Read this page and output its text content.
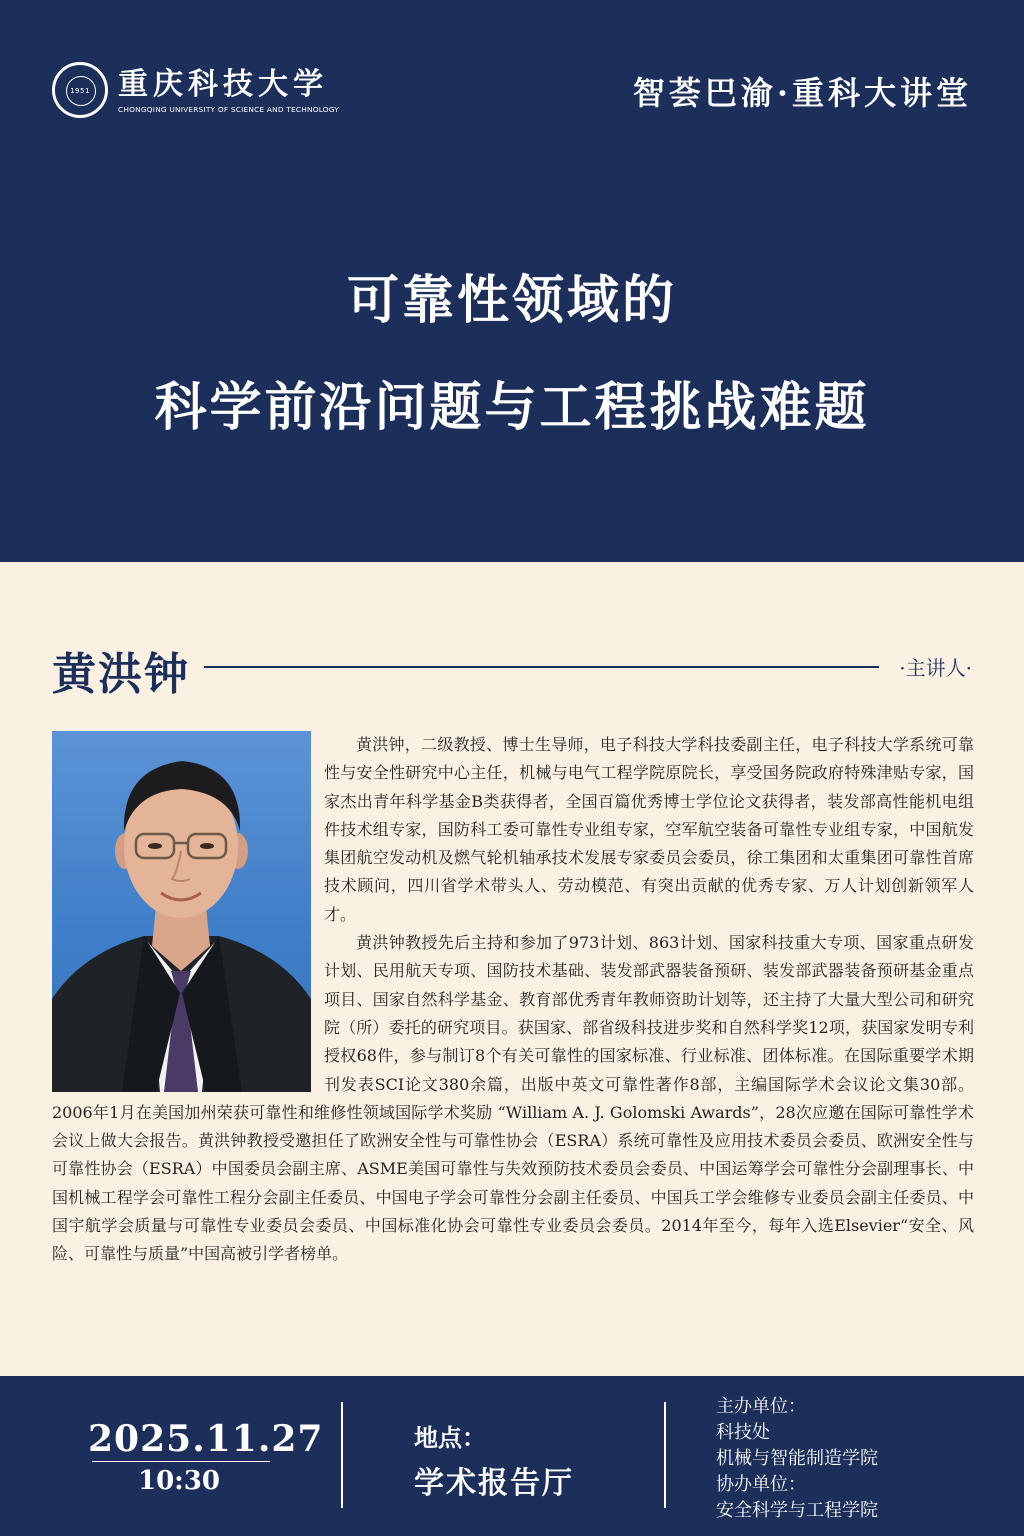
1951 重庆科技大学
CHONGQING UNIVERSITY OF SCIENCE AND TECHNOLOGY	智荟巴渝·重科大讲堂
可靠性领域的
科学前沿问题与工程挑战难题
黄洪钟	·主讲人·

黄洪钟，二级教授、博士生导师，电子科技大学科技委副主任，电子科技大学系统可靠性与安全性研究中心主任，机械与电气工程学院原院长，享受国务院政府特殊津贴专家，国家杰出青年科学基金B类获得者，全国百篇优秀博士学位论文获得者，装发部高性能机电组件技术组专家，国防科工委可靠性专业组专家，空军航空装备可靠性专业组专家，中国航发集团航空发动机及燃气轮机轴承技术发展专家委员会委员，徐工集团和太重集团可靠性首席技术顾问，四川省学术带头人、劳动模范、有突出贡献的优秀专家、万人计划创新领军人才。

黄洪钟教授先后主持和参加了973计划、863计划、国家科技重大专项、国家重点研发计划、民用航天专项、国防技术基础、装发部武器装备预研、装发部武器装备预研基金重点项目、国家自然科学基金、教育部优秀青年教师资助计划等，还主持了大量大型公司和研究院（所）委托的研究项目。获国家、部省级科技进步奖和自然科学奖12项，获国家发明专利授权68件，参与制订8个有关可靠性的国家标准、行业标准、团体标准。在国际重要学术期刊发表SCI论文380余篇，出版中英文可靠性著作8部，主编国际学术会议论文集30部。2006年1月在美国加州荣获可靠性和维修性领域国际学术奖励 “William A. J. Golomski Awards”，28次应邀在国际可靠性学术会议上做大会报告。黄洪钟教授受邀担任了欧洲安全性与可靠性协会（ESRA）系统可靠性及应用技术委员会委员、欧洲安全性与可靠性协会（ESRA）中国委员会副主席、ASME美国可靠性与失效预防技术委员会委员、中国运筹学会可靠性分会副理事长、中国机械工程学会可靠性工程分会副主任委员、中国电子学会可靠性分会副主任委员、中国兵工学会维修专业委员会副主任委员、中国宇航学会质量与可靠性专业委员会委员、中国标准化协会可靠性专业委员会委员。2014年至今，每年入选Elsevier“安全、风险、可靠性与质量”中国高被引学者榜单。

2025.11.27
10:30
地点：
学术报告厅
主办单位：
科技处
机械与智能制造学院
协办单位：
安全科学与工程学院
